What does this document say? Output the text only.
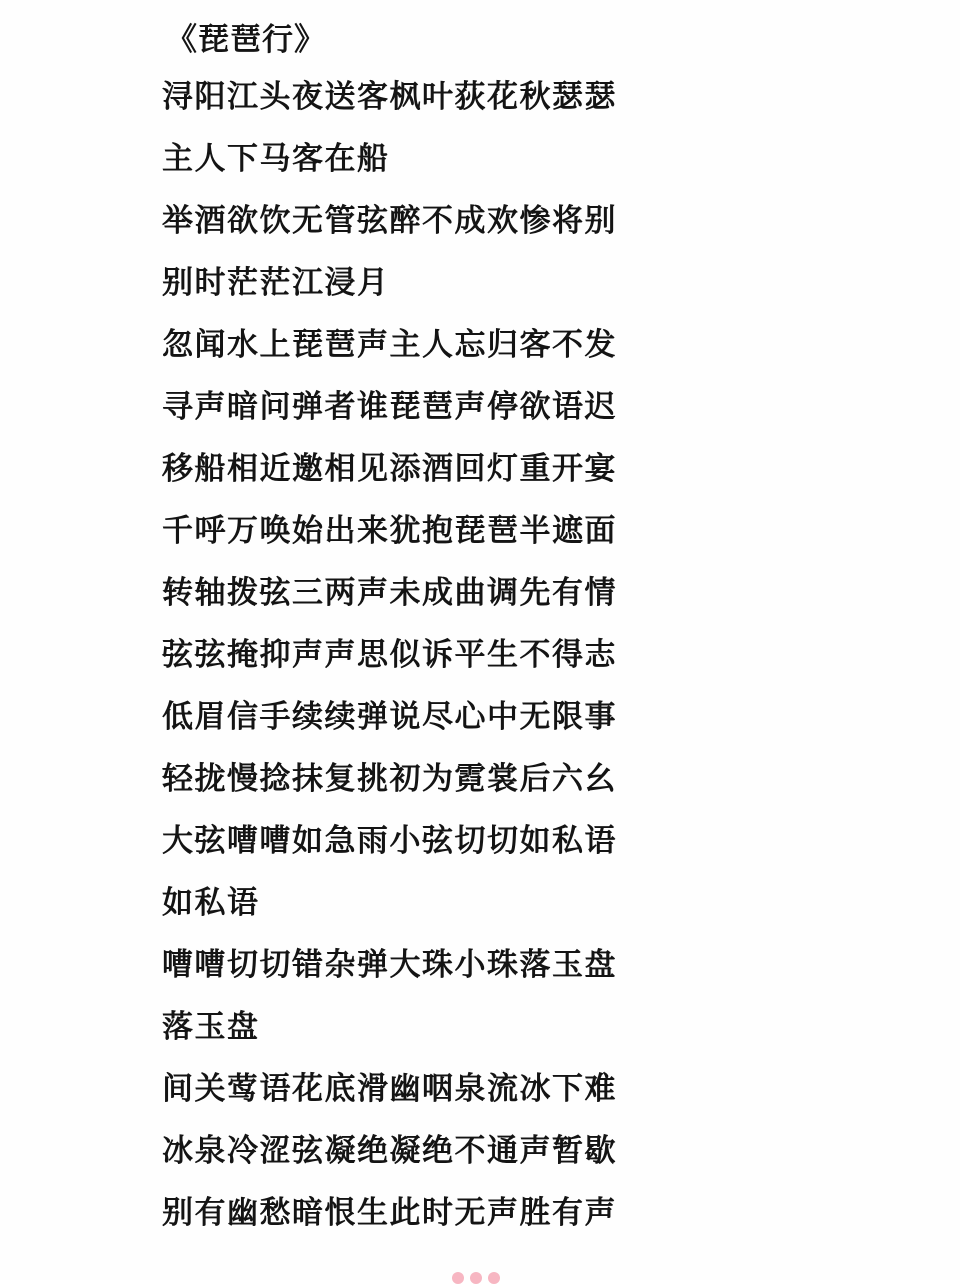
《琵琶行》
浔阳江头夜送客枫叶荻花秋瑟瑟
主人下马客在船
举酒欲饮无管弦醉不成欢惨将别
别时茫茫江浸月
忽闻水上琵琶声主人忘归客不发
寻声暗问弹者谁琵琶声停欲语迟
移船相近邀相见添酒回灯重开宴
千呼万唤始出来犹抱琵琶半遮面
转轴拨弦三两声未成曲调先有情
弦弦掩抑声声思似诉平生不得志
低眉信手续续弹说尽心中无限事
轻拢慢捻抹复挑初为霓裳后六幺
大弦嘈嘈如急雨小弦切切如私语
如私语
嘈嘈切切错杂弹大珠小珠落玉盘
落玉盘
间关莺语花底滑幽咽泉流冰下难
冰泉冷涩弦凝绝凝绝不通声暂歇
别有幽愁暗恨生此时无声胜有声
